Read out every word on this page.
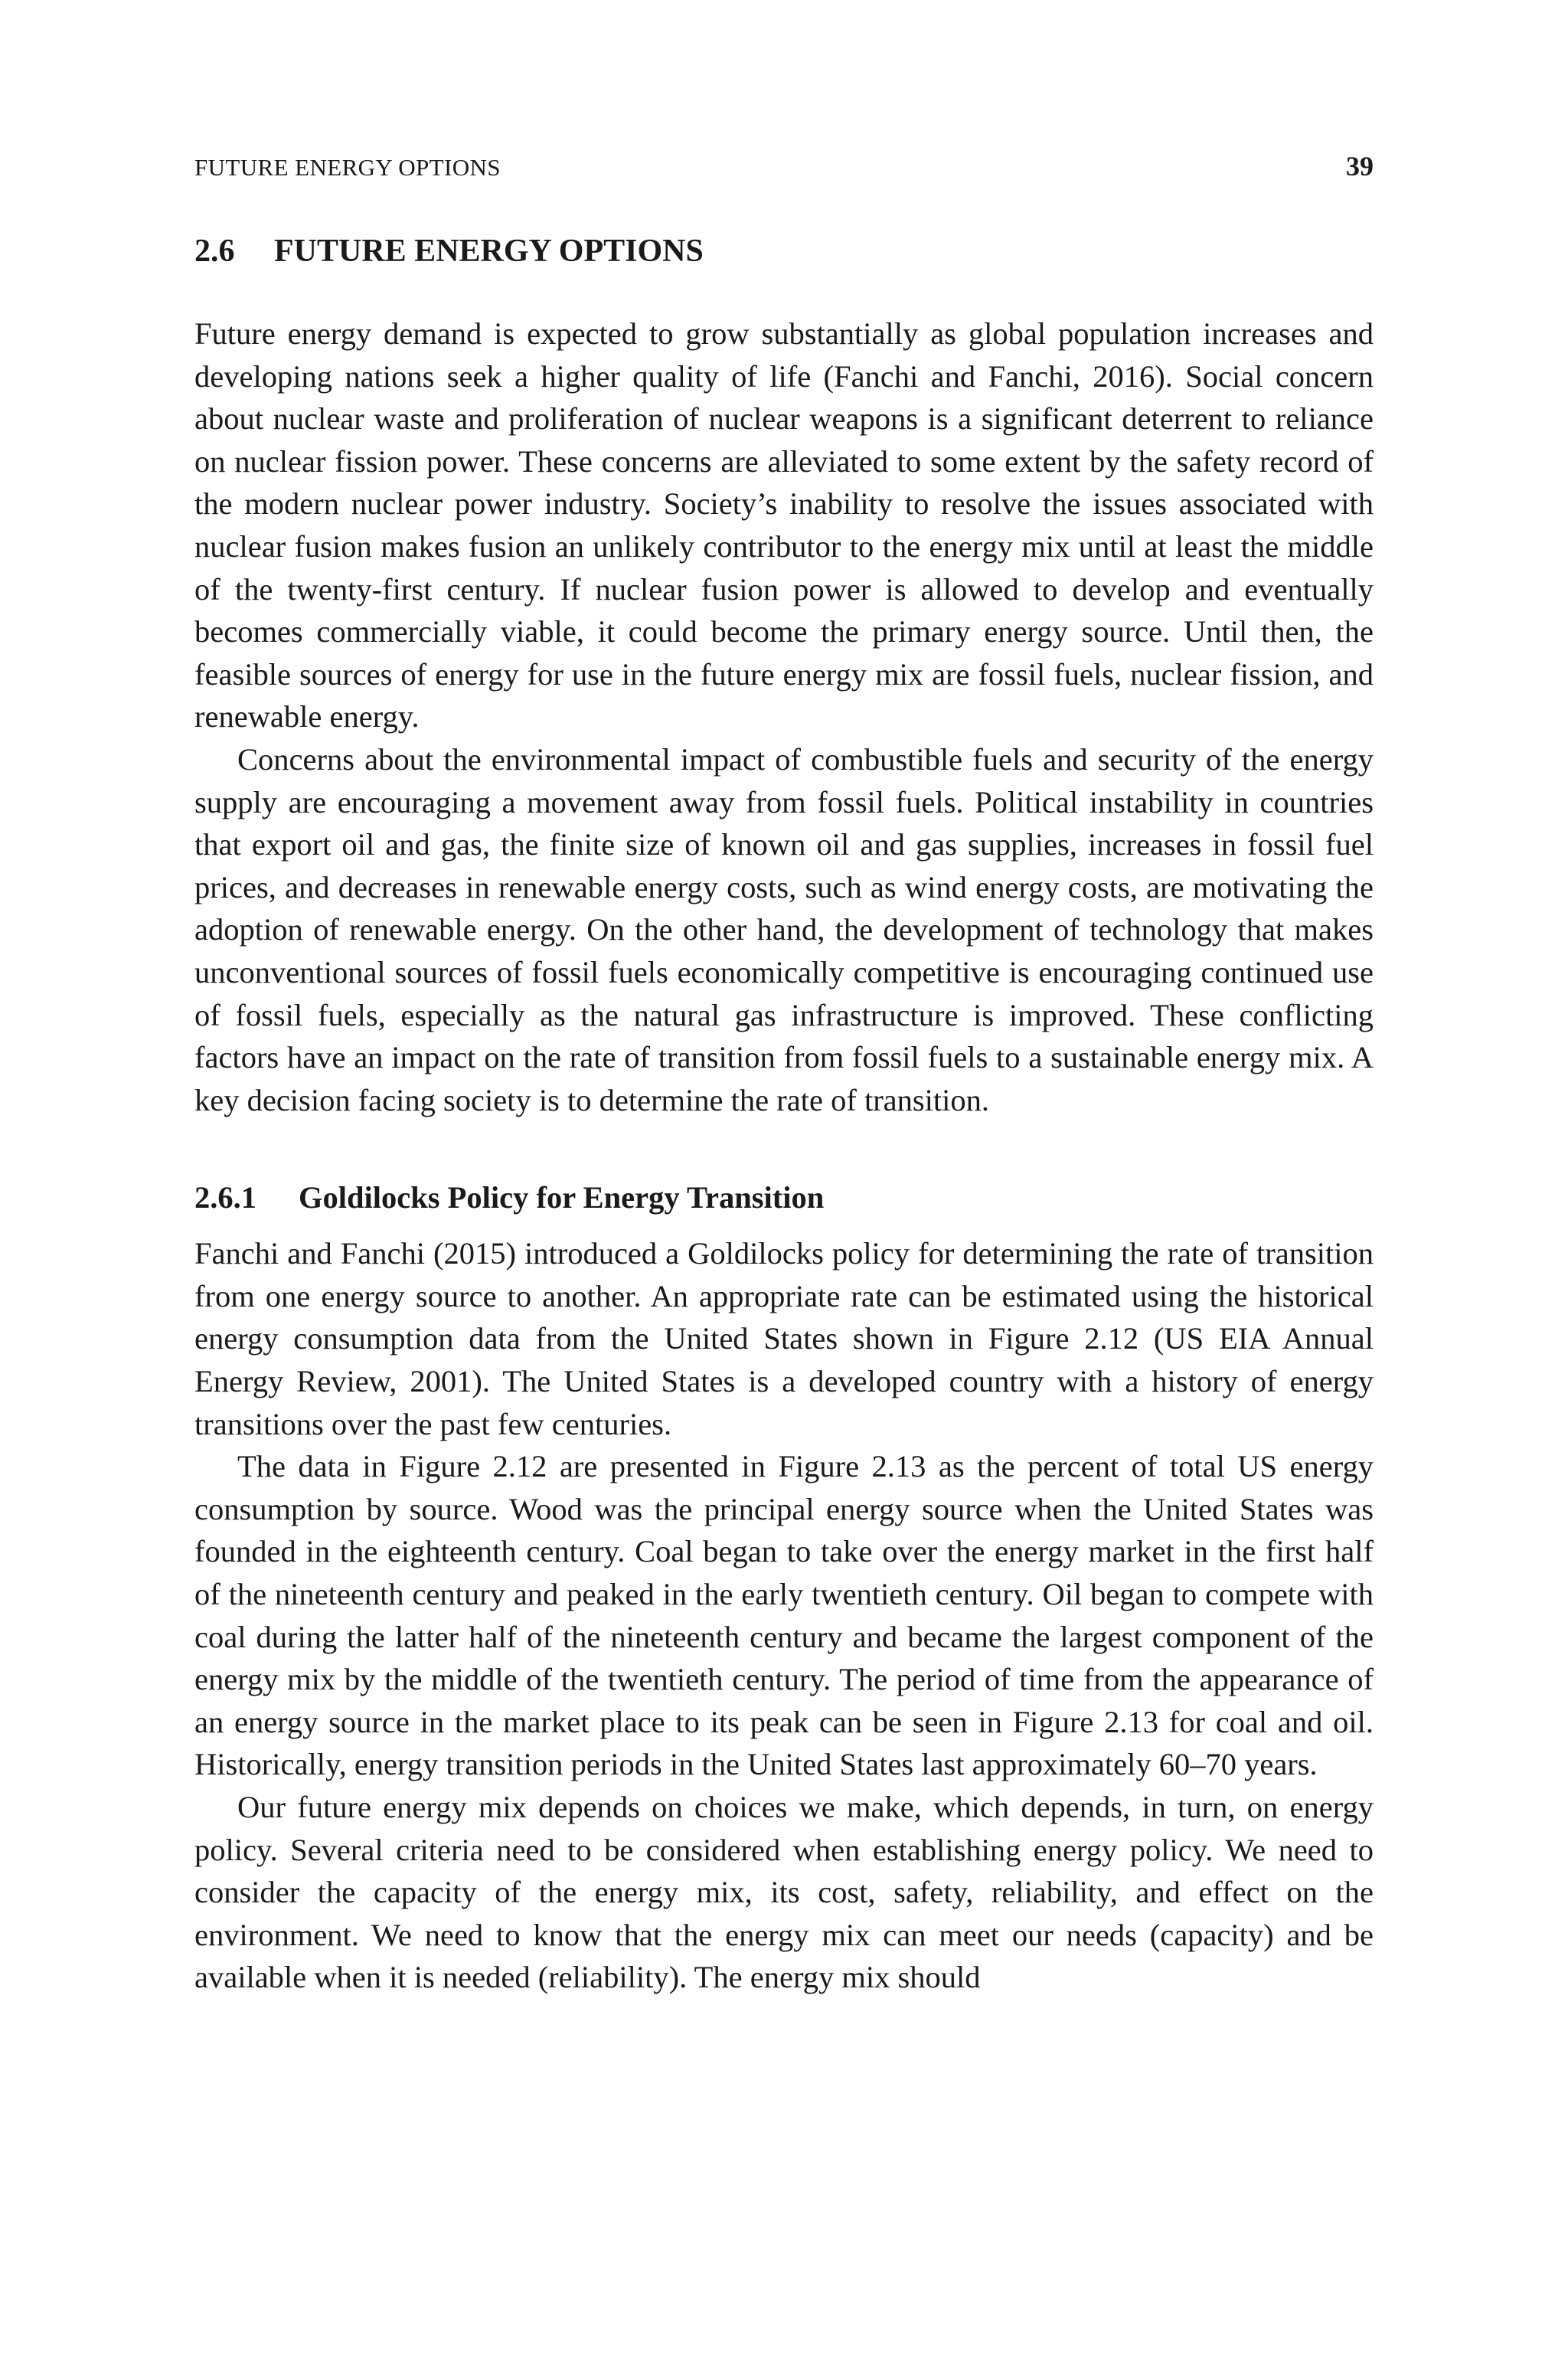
FUTURE ENERGY OPTIONS	39
2.6 FUTURE ENERGY OPTIONS

Future energy demand is expected to grow substantially as global population increases and developing nations seek a higher quality of life (Fanchi and Fanchi, 2016). Social concern about nuclear waste and proliferation of nuclear weapons is a significant deterrent to reliance on nuclear fission power. These concerns are alleviated to some extent by the safety record of the modern nuclear power industry. Society’s inability to resolve the issues associated with nuclear fusion makes fusion an unlikely contributor to the energy mix until at least the middle of the twenty-first century. If nuclear fusion power is allowed to develop and eventually becomes commercially viable, it could become the primary energy source. Until then, the feasible sources of energy for use in the future energy mix are fossil fuels, nuclear fission, and renewable energy.

Concerns about the environmental impact of combustible fuels and security of the energy supply are encouraging a movement away from fossil fuels. Political instability in countries that export oil and gas, the finite size of known oil and gas supplies, increases in fossil fuel prices, and decreases in renewable energy costs, such as wind energy costs, are motivating the adoption of renewable energy. On the other hand, the development of technology that makes unconventional sources of fossil fuels economically competitive is encouraging continued use of fossil fuels, especially as the natural gas infrastructure is improved. These conflicting factors have an impact on the rate of transition from fossil fuels to a sustainable energy mix. A key decision facing society is to determine the rate of transition.

2.6.1 Goldilocks Policy for Energy Transition

Fanchi and Fanchi (2015) introduced a Goldilocks policy for determining the rate of transition from one energy source to another. An appropriate rate can be estimated using the historical energy consumption data from the United States shown in Figure 2.12 (US EIA Annual Energy Review, 2001). The United States is a developed country with a history of energy transitions over the past few centuries.

The data in Figure 2.12 are presented in Figure 2.13 as the percent of total US energy consumption by source. Wood was the principal energy source when the United States was founded in the eighteenth century. Coal began to take over the energy market in the first half of the nineteenth century and peaked in the early twentieth century. Oil began to compete with coal during the latter half of the nineteenth century and became the largest component of the energy mix by the middle of the twentieth century. The period of time from the appearance of an energy source in the market place to its peak can be seen in Figure 2.13 for coal and oil. Historically, energy transition periods in the United States last approximately 60–70 years.

Our future energy mix depends on choices we make, which depends, in turn, on energy policy. Several criteria need to be considered when establishing energy policy. We need to consider the capacity of the energy mix, its cost, safety, reliability, and effect on the environment. We need to know that the energy mix can meet our needs (capacity) and be available when it is needed (reliability). The energy mix should
